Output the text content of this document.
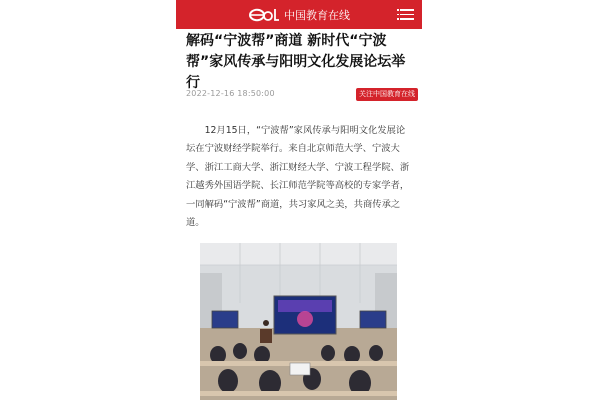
中国教育在线
解码“宁波帮”商道 新时代“宁波帮”家风传承与阳明文化发展论坛举行
2022-12-16 18:50:00	关注中国教育在线

12月15日，“宁波帮”家风传承与阳明文化发展论坛在宁波财经学院举行。来自北京师范大学、宁波大学、浙江工商大学、浙江财经大学、宁波工程学院、浙江越秀外国语学院、长江师范学院等高校的专家学者，一同解码“宁波帮”商道，共习家风之美，共商传承之道。
